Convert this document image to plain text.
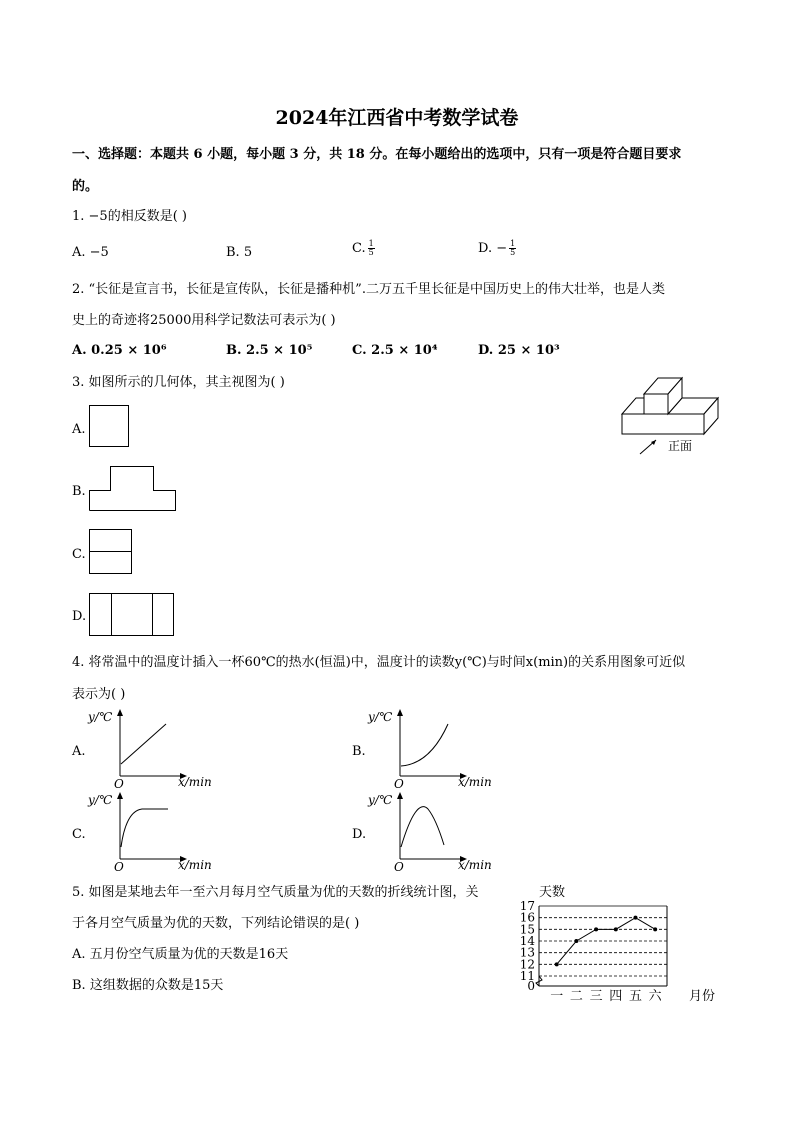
2024年江西省中考数学试卷
一、选择题：本题共 6 小题，每小题 3 分，共 18 分。在每小题给出的选项中，只有一项是符合题目要求
的。
1. −5的相反数是( )
A. −5	B. 5	C. $\frac{1}{5}$	D. − $\frac{1}{5}$
2. “长征是宣言书，长征是宣传队，长征是播种机”.二万五千里长征是中国历史上的伟大壮举，也是人类
史上的奇迹将25000用科学记数法可表示为( )
A. 0.25 × 10⁶	B. 2.5 × 10⁵	C. 2.5 × 10⁴	D. 25 × 10³
3. 如图所示的几何体，其主视图为( )
正面
A.
B.
C.
D.
4. 将常温中的温度计插入一杯60℃的热水(恒温)中，温度计的读数y(℃)与时间x(min)的关系用图象可近似
表示为( )
A.
y/℃
x/min
O
B.
y/℃
x/min
O
C.
y/℃
x/min
O
D.
y/℃
x/min
O
5. 如图是某地去年一至六月每月空气质量为优的天数的折线统计图，关
于各月空气质量为优的天数，下列结论错误的是( )
A. 五月份空气质量为优的天数是16天
B. 这组数据的众数是15天
天数
月份
0
11
12
13
14
15
16
17
一 二 三 四 五 六
